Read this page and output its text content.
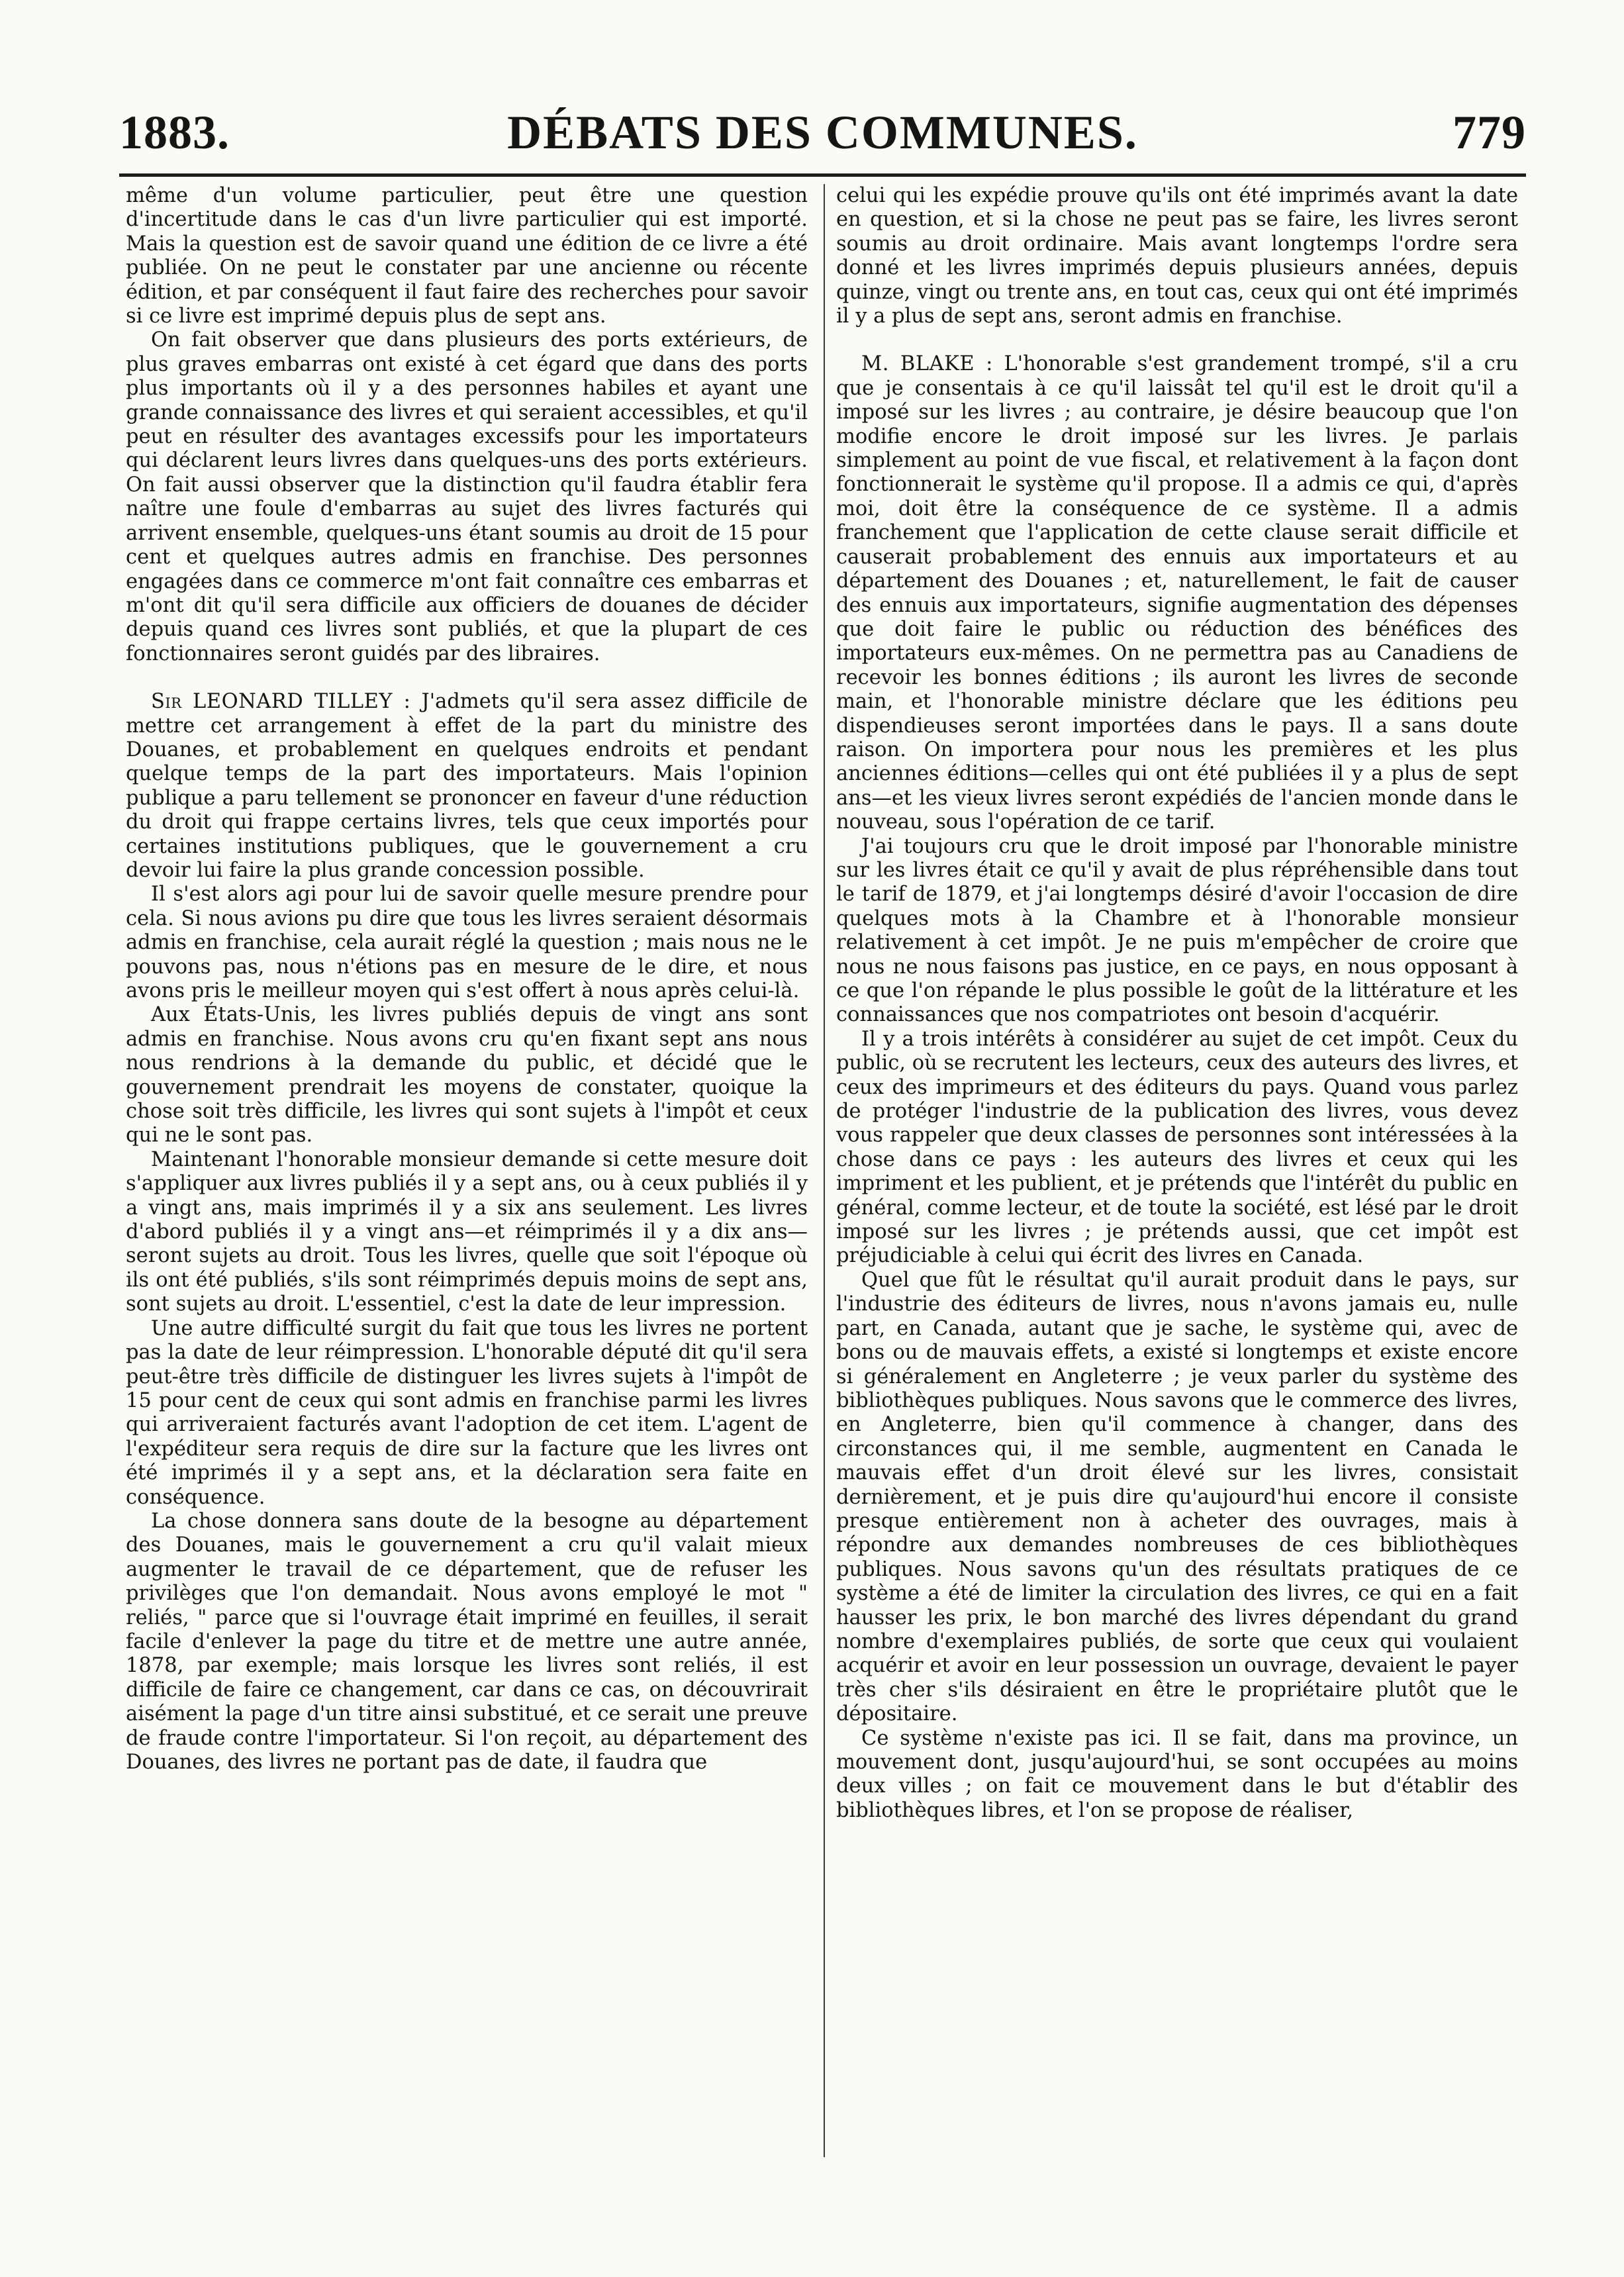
1883.	DÉBATS DES COMMUNES.	779

même d'un volume particulier, peut être une question d'incertitude dans le cas d'un livre particulier qui est importé. Mais la question est de savoir quand une édition de ce livre a été publiée. On ne peut le constater par une ancienne ou récente édition, et par conséquent il faut faire des recherches pour savoir si ce livre est imprimé depuis plus de sept ans.

On fait observer que dans plusieurs des ports extérieurs, de plus graves embarras ont existé à cet égard que dans des ports plus importants où il y a des personnes habiles et ayant une grande connaissance des livres et qui seraient accessibles, et qu'il peut en résulter des avantages excessifs pour les importateurs qui déclarent leurs livres dans quelques-uns des ports extérieurs. On fait aussi observer que la distinction qu'il faudra établir fera naître une foule d'embarras au sujet des livres facturés qui arrivent ensemble, quelques-uns étant soumis au droit de 15 pour cent et quelques autres admis en franchise. Des personnes engagées dans ce commerce m'ont fait connaître ces embarras et m'ont dit qu'il sera difficile aux officiers de douanes de décider depuis quand ces livres sont publiés, et que la plupart de ces fonctionnaires seront guidés par des libraires.

Sir LEONARD TILLEY : J'admets qu'il sera assez difficile de mettre cet arrangement à effet de la part du ministre des Douanes, et probablement en quelques endroits et pendant quelque temps de la part des importateurs. Mais l'opinion publique a paru tellement se prononcer en faveur d'une réduction du droit qui frappe certains livres, tels que ceux importés pour certaines institutions publiques, que le gouvernement a cru devoir lui faire la plus grande concession possible.

Il s'est alors agi pour lui de savoir quelle mesure prendre pour cela. Si nous avions pu dire que tous les livres seraient désormais admis en franchise, cela aurait réglé la question ; mais nous ne le pouvons pas, nous n'étions pas en mesure de le dire, et nous avons pris le meilleur moyen qui s'est offert à nous après celui-là.

Aux États-Unis, les livres publiés depuis de vingt ans sont admis en franchise. Nous avons cru qu'en fixant sept ans nous nous rendrions à la demande du public, et décidé que le gouvernement prendrait les moyens de constater, quoique la chose soit très difficile, les livres qui sont sujets à l'impôt et ceux qui ne le sont pas.

Maintenant l'honorable monsieur demande si cette mesure doit s'appliquer aux livres publiés il y a sept ans, ou à ceux publiés il y a vingt ans, mais imprimés il y a six ans seulement. Les livres d'abord publiés il y a vingt ans—et réimprimés il y a dix ans—seront sujets au droit. Tous les livres, quelle que soit l'époque où ils ont été publiés, s'ils sont réimprimés depuis moins de sept ans, sont sujets au droit. L'essentiel, c'est la date de leur impression.

Une autre difficulté surgit du fait que tous les livres ne portent pas la date de leur réimpression. L'honorable député dit qu'il sera peut-être très difficile de distinguer les livres sujets à l'impôt de 15 pour cent de ceux qui sont admis en franchise parmi les livres qui arriveraient facturés avant l'adoption de cet item. L'agent de l'expéditeur sera requis de dire sur la facture que les livres ont été imprimés il y a sept ans, et la déclaration sera faite en conséquence.

La chose donnera sans doute de la besogne au département des Douanes, mais le gouvernement a cru qu'il valait mieux augmenter le travail de ce département, que de refuser les privilèges que l'on demandait. Nous avons employé le mot " reliés, " parce que si l'ouvrage était imprimé en feuilles, il serait facile d'enlever la page du titre et de mettre une autre année, 1878, par exemple; mais lorsque les livres sont reliés, il est difficile de faire ce changement, car dans ce cas, on découvrirait aisément la page d'un titre ainsi substitué, et ce serait une preuve de fraude contre l'importateur. Si l'on reçoit, au département des Douanes, des livres ne portant pas de date, il faudra que

celui qui les expédie prouve qu'ils ont été imprimés avant la date en question, et si la chose ne peut pas se faire, les livres seront soumis au droit ordinaire. Mais avant longtemps l'ordre sera donné et les livres imprimés depuis plusieurs années, depuis quinze, vingt ou trente ans, en tout cas, ceux qui ont été imprimés il y a plus de sept ans, seront admis en franchise.

M. BLAKE : L'honorable s'est grandement trompé, s'il a cru que je consentais à ce qu'il laissât tel qu'il est le droit qu'il a imposé sur les livres ; au contraire, je désire beaucoup que l'on modifie encore le droit imposé sur les livres. Je parlais simplement au point de vue fiscal, et relativement à la façon dont fonctionnerait le système qu'il propose. Il a admis ce qui, d'après moi, doit être la conséquence de ce système. Il a admis franchement que l'application de cette clause serait difficile et causerait probablement des ennuis aux importateurs et au département des Douanes ; et, naturellement, le fait de causer des ennuis aux importateurs, signifie augmentation des dépenses que doit faire le public ou réduction des bénéfices des importateurs eux-mêmes. On ne permettra pas au Canadiens de recevoir les bonnes éditions ; ils auront les livres de seconde main, et l'honorable ministre déclare que les éditions peu dispendieuses seront importées dans le pays. Il a sans doute raison. On importera pour nous les premières et les plus anciennes éditions—celles qui ont été publiées il y a plus de sept ans—et les vieux livres seront expédiés de l'ancien monde dans le nouveau, sous l'opération de ce tarif.

J'ai toujours cru que le droit imposé par l'honorable ministre sur les livres était ce qu'il y avait de plus répréhensible dans tout le tarif de 1879, et j'ai longtemps désiré d'avoir l'occasion de dire quelques mots à la Chambre et à l'honorable monsieur relativement à cet impôt. Je ne puis m'empêcher de croire que nous ne nous faisons pas justice, en ce pays, en nous opposant à ce que l'on répande le plus possible le goût de la littérature et les connaissances que nos compatriotes ont besoin d'acquérir.

Il y a trois intérêts à considérer au sujet de cet impôt. Ceux du public, où se recrutent les lecteurs, ceux des auteurs des livres, et ceux des imprimeurs et des éditeurs du pays. Quand vous parlez de protéger l'industrie de la publication des livres, vous devez vous rappeler que deux classes de personnes sont intéressées à la chose dans ce pays : les auteurs des livres et ceux qui les impriment et les publient, et je prétends que l'intérêt du public en général, comme lecteur, et de toute la société, est lésé par le droit imposé sur les livres ; je prétends aussi, que cet impôt est préjudiciable à celui qui écrit des livres en Canada.

Quel que fût le résultat qu'il aurait produit dans le pays, sur l'industrie des éditeurs de livres, nous n'avons jamais eu, nulle part, en Canada, autant que je sache, le système qui, avec de bons ou de mauvais effets, a existé si longtemps et existe encore si généralement en Angleterre ; je veux parler du système des bibliothèques publiques. Nous savons que le commerce des livres, en Angleterre, bien qu'il commence à changer, dans des circonstances qui, il me semble, augmentent en Canada le mauvais effet d'un droit élevé sur les livres, consistait dernièrement, et je puis dire qu'aujourd'hui encore il consiste presque entièrement non à acheter des ouvrages, mais à répondre aux demandes nombreuses de ces bibliothèques publiques. Nous savons qu'un des résultats pratiques de ce système a été de limiter la circulation des livres, ce qui en a fait hausser les prix, le bon marché des livres dépendant du grand nombre d'exemplaires publiés, de sorte que ceux qui voulaient acquérir et avoir en leur possession un ouvrage, devaient le payer très cher s'ils désiraient en être le propriétaire plutôt que le dépositaire.

Ce système n'existe pas ici. Il se fait, dans ma province, un mouvement dont, jusqu'aujourd'hui, se sont occupées au moins deux villes ; on fait ce mouvement dans le but d'établir des bibliothèques libres, et l'on se propose de réaliser,
